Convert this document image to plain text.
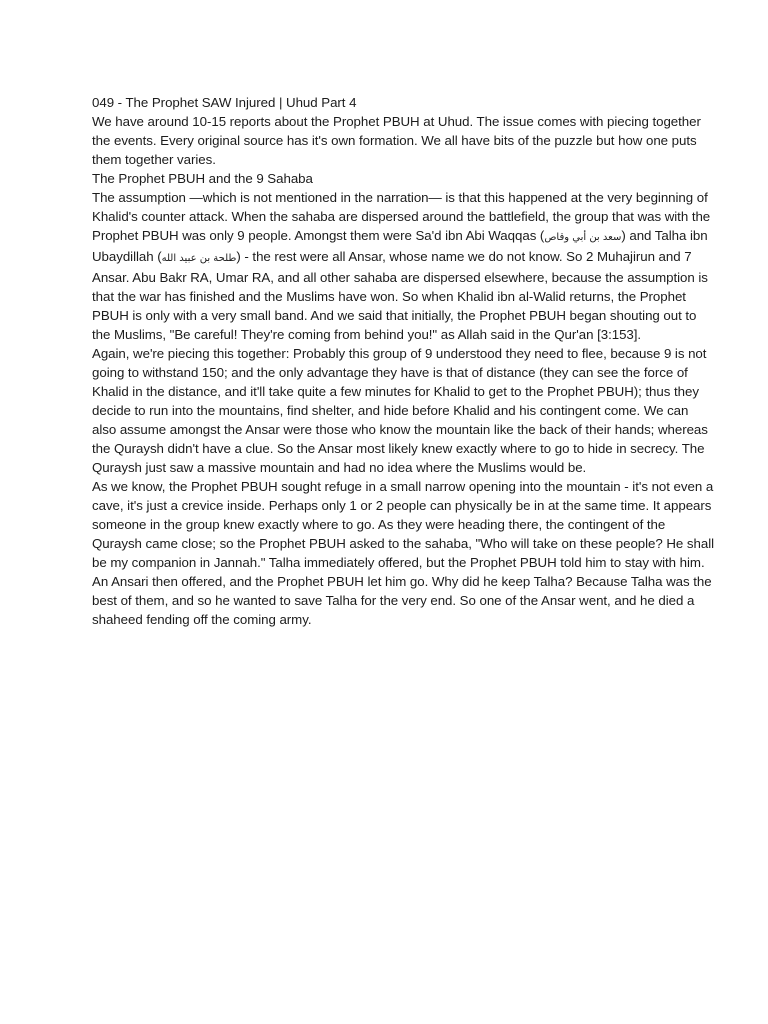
049 - The Prophet SAW Injured | Uhud Part 4

We have around 10-15 reports about the Prophet PBUH at Uhud. The issue comes with piecing together the events. Every original source has it's own formation. We all have bits of the puzzle but how one puts them together varies.

The Prophet PBUH and the 9 Sahaba

The assumption —which is not mentioned in the narration— is that this happened at the very beginning of Khalid's counter attack. When the sahaba are dispersed around the battlefield, the group that was with the Prophet PBUH was only 9 people. Amongst them were Sa'd ibn Abi Waqqas (سعد بن أبي وقاص) and Talha ibn Ubaydillah (طلحة بن عبيد الله) - the rest were all Ansar, whose name we do not know. So 2 Muhajirun and 7 Ansar. Abu Bakr RA, Umar RA, and all other sahaba are dispersed elsewhere, because the assumption is that the war has finished and the Muslims have won. So when Khalid ibn al-Walid returns, the Prophet PBUH is only with a very small band. And we said that initially, the Prophet PBUH began shouting out to the Muslims, "Be careful! They're coming from behind you!" as Allah said in the Qur'an [3:153].

Again, we're piecing this together: Probably this group of 9 understood they need to flee, because 9 is not going to withstand 150; and the only advantage they have is that of distance (they can see the force of Khalid in the distance, and it'll take quite a few minutes for Khalid to get to the Prophet PBUH); thus they decide to run into the mountains, find shelter, and hide before Khalid and his contingent come. We can also assume amongst the Ansar were those who know the mountain like the back of their hands; whereas the Quraysh didn't have a clue. So the Ansar most likely knew exactly where to go to hide in secrecy. The Quraysh just saw a massive mountain and had no idea where the Muslims would be.

As we know, the Prophet PBUH sought refuge in a small narrow opening into the mountain - it's not even a cave, it's just a crevice inside. Perhaps only 1 or 2 people can physically be in at the same time. It appears someone in the group knew exactly where to go. As they were heading there, the contingent of the Quraysh came close; so the Prophet PBUH asked to the sahaba, "Who will take on these people? He shall be my companion in Jannah." Talha immediately offered, but the Prophet PBUH told him to stay with him. An Ansari then offered, and the Prophet PBUH let him go. Why did he keep Talha? Because Talha was the best of them, and so he wanted to save Talha for the very end. So one of the Ansar went, and he died a shaheed fending off the coming army.
